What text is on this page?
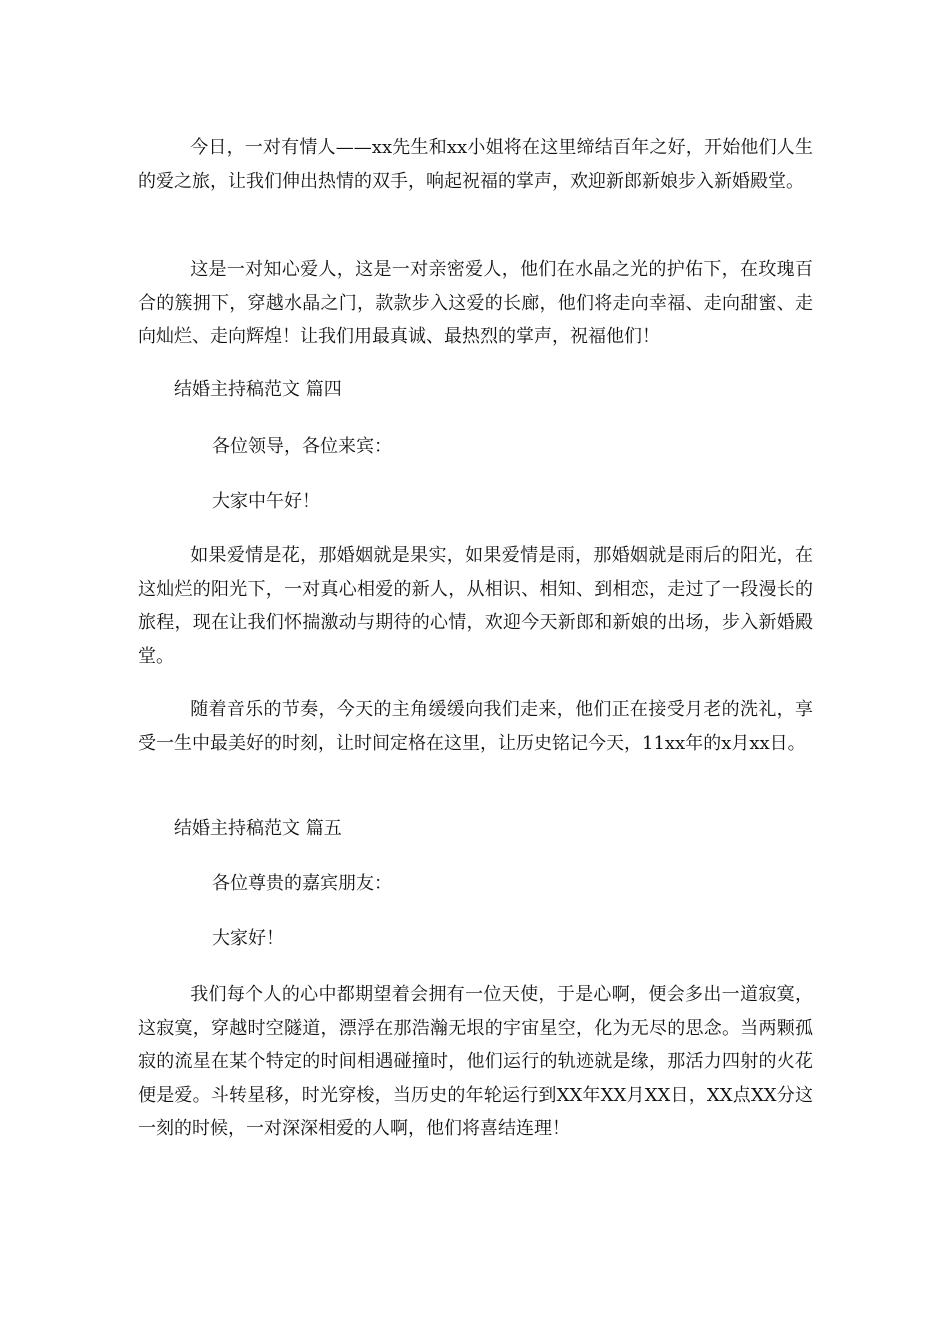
今日，一对有情人——xx先生和xx小姐将在这里缔结百年之好，开始他们人生的爱之旅，让我们伸出热情的双手，响起祝福的掌声，欢迎新郎新娘步入新婚殿堂。

这是一对知心爱人，这是一对亲密爱人，他们在水晶之光的护佑下，在玫瑰百合的簇拥下，穿越水晶之门，款款步入这爱的长廊，他们将走向幸福、走向甜蜜、走向灿烂、走向辉煌！让我们用最真诚、最热烈的掌声，祝福他们！

结婚主持稿范文 篇四

各位领导，各位来宾：

大家中午好！

如果爱情是花，那婚姻就是果实，如果爱情是雨，那婚姻就是雨后的阳光，在这灿烂的阳光下，一对真心相爱的新人，从相识、相知、到相恋，走过了一段漫长的旅程，现在让我们怀揣激动与期待的心情，欢迎今天新郎和新娘的出场，步入新婚殿堂。

随着音乐的节奏，今天的主角缓缓向我们走来，他们正在接受月老的洗礼，享受一生中最美好的时刻，让时间定格在这里，让历史铭记今天，11xx年的x月xx日。

结婚主持稿范文 篇五

各位尊贵的嘉宾朋友：

大家好！

我们每个人的心中都期望着会拥有一位天使，于是心啊，便会多出一道寂寞，这寂寞，穿越时空隧道，漂浮在那浩瀚无垠的宇宙星空，化为无尽的思念。当两颗孤寂的流星在某个特定的时间相遇碰撞时，他们运行的轨迹就是缘，那活力四射的火花便是爱。斗转星移，时光穿梭，当历史的年轮运行到XX年XX月XX日，XX点XX分这一刻的时候，一对深深相爱的人啊，他们将喜结连理！
